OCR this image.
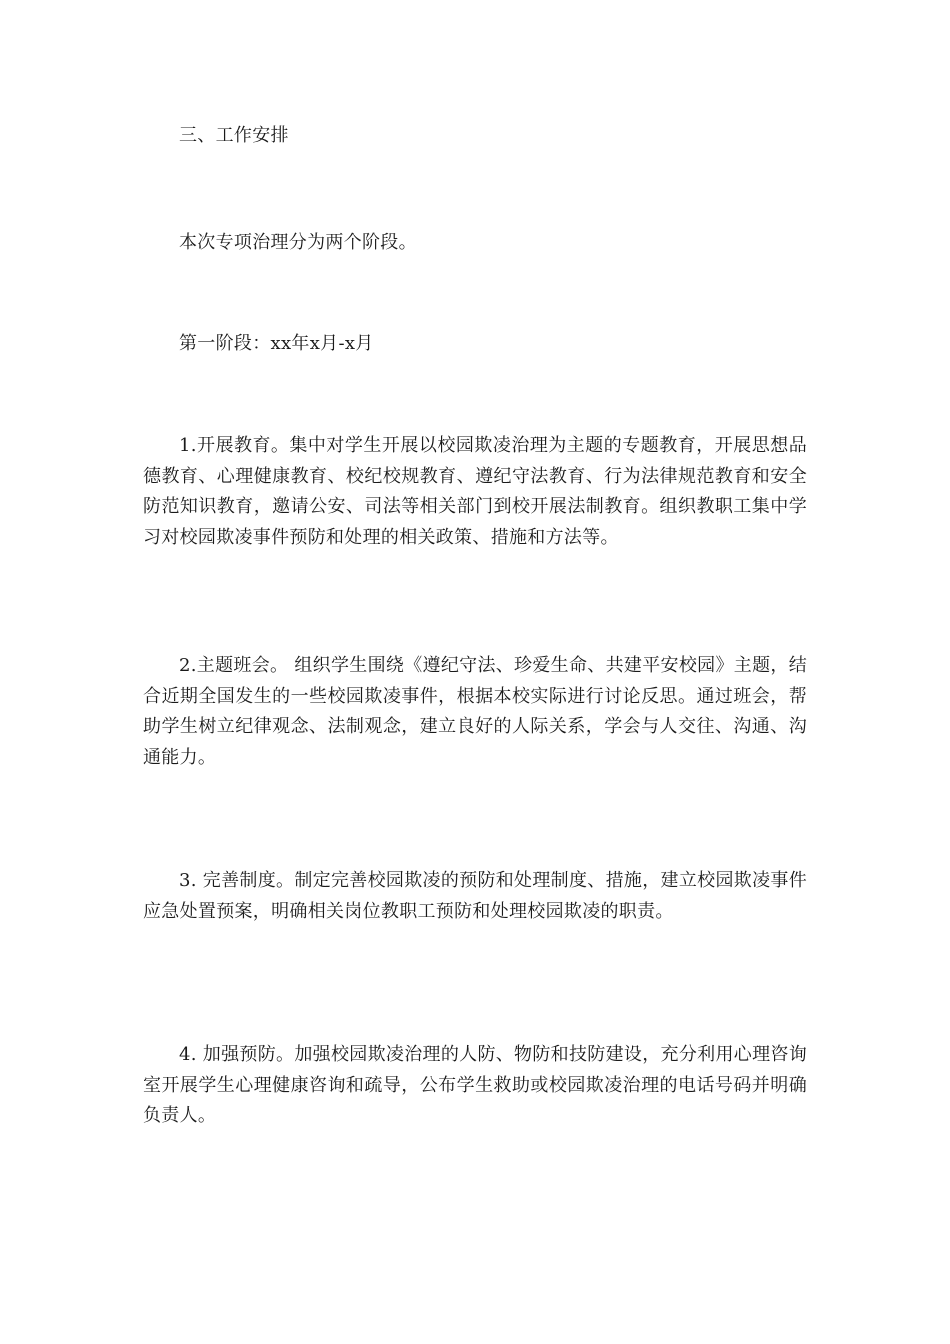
三、工作安排

本次专项治理分为两个阶段。

第一阶段：xx年x月-x月

1.开展教育。集中对学生开展以校园欺凌治理为主题的专题教育，开展思想品德教育、心理健康教育、校纪校规教育、遵纪守法教育、行为法律规范教育和安全防范知识教育，邀请公安、司法等相关部门到校开展法制教育。组织教职工集中学习对校园欺凌事件预防和处理的相关政策、措施和方法等。

2.主题班会。 组织学生围绕《遵纪守法、珍爱生命、共建平安校园》主题，结合近期全国发生的一些校园欺凌事件，根据本校实际进行讨论反思。通过班会，帮助学生树立纪律观念、法制观念，建立良好的人际关系，学会与人交往、沟通、沟通能力。

3. 完善制度。制定完善校园欺凌的预防和处理制度、措施，建立校园欺凌事件应急处置预案，明确相关岗位教职工预防和处理校园欺凌的职责。

4. 加强预防。加强校园欺凌治理的人防、物防和技防建设，充分利用心理咨询室开展学生心理健康咨询和疏导，公布学生救助或校园欺凌治理的电话号码并明确负责人。
